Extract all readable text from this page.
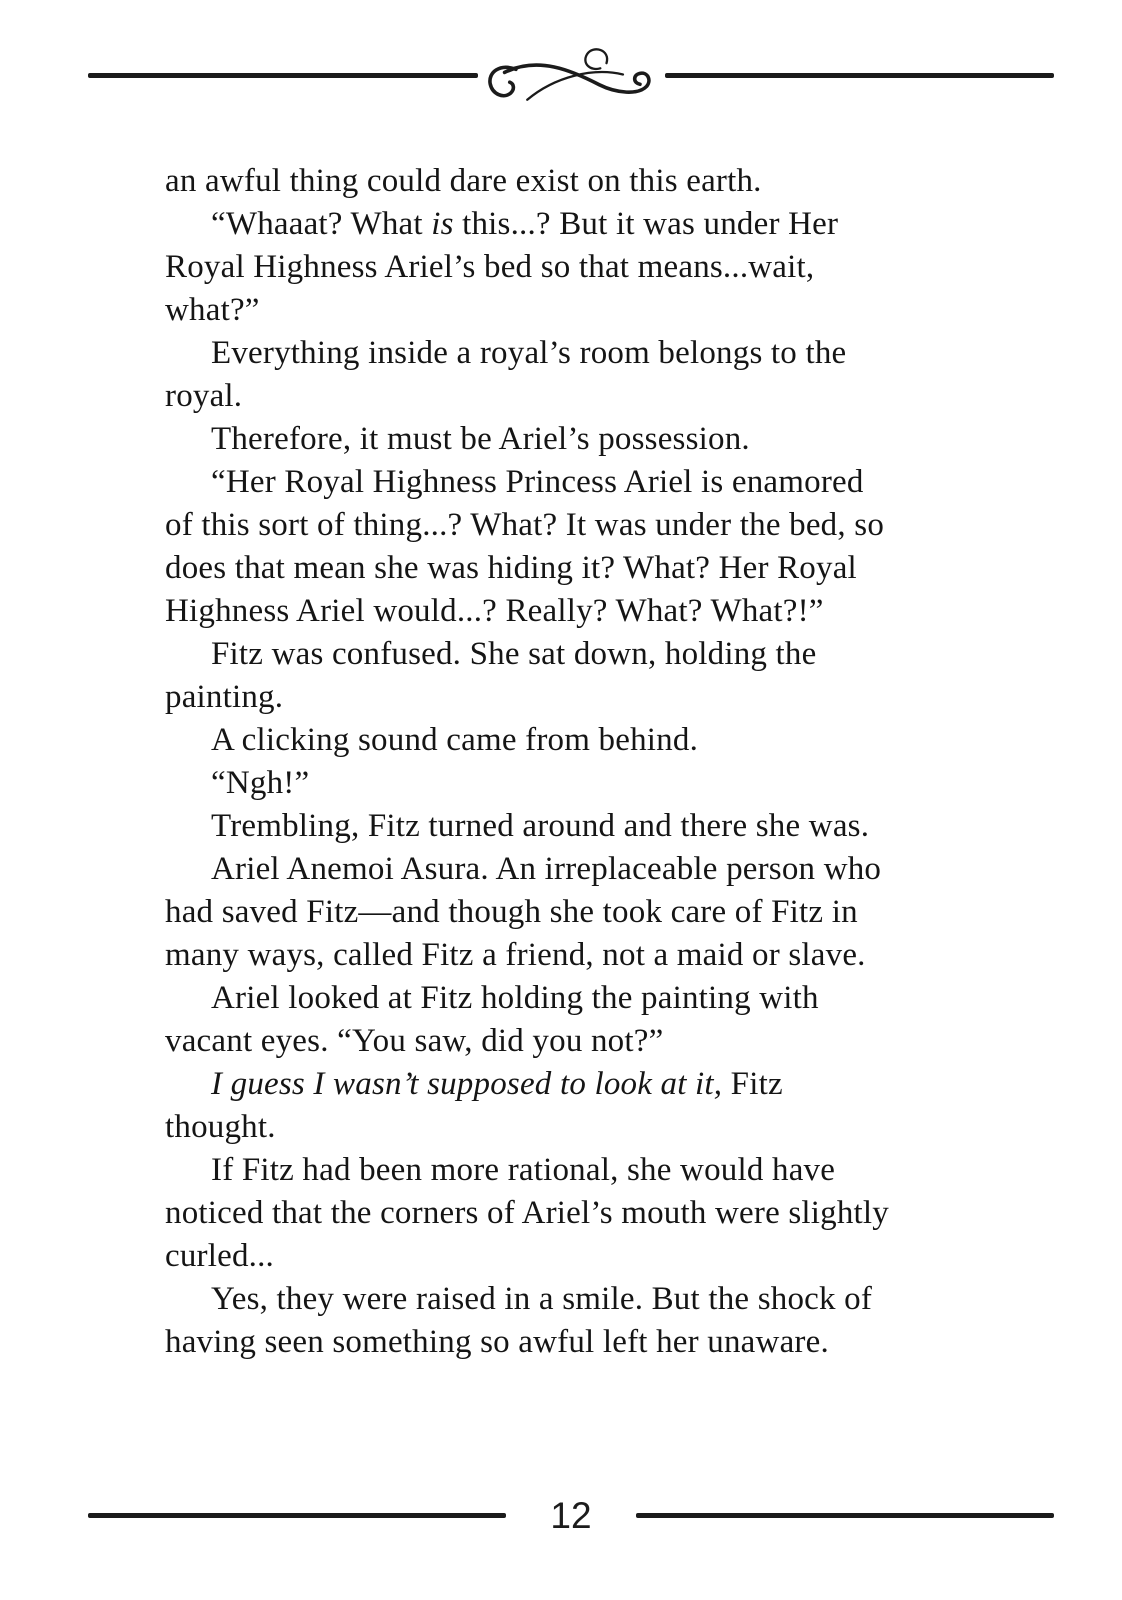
an awful thing could dare exist on this earth.
“Whaaat? What is this...? But it was under Her
Royal Highness Ariel’s bed so that means...wait,
what?”
Everything inside a royal’s room belongs to the
royal.
Therefore, it must be Ariel’s possession.
“Her Royal Highness Princess Ariel is enamored
of this sort of thing...? What? It was under the bed, so
does that mean she was hiding it? What? Her Royal
Highness Ariel would...? Really? What? What?!”
Fitz was confused. She sat down, holding the
painting.
A clicking sound came from behind.
“Ngh!”
Trembling, Fitz turned around and there she was.
Ariel Anemoi Asura. An irreplaceable person who
had saved Fitz—and though she took care of Fitz in
many ways, called Fitz a friend, not a maid or slave.
Ariel looked at Fitz holding the painting with
vacant eyes. “You saw, did you not?”
I guess I wasn’t supposed to look at it, Fitz
thought.
If Fitz had been more rational, she would have
noticed that the corners of Ariel’s mouth were slightly
curled...
Yes, they were raised in a smile. But the shock of
having seen something so awful left her unaware.
12
